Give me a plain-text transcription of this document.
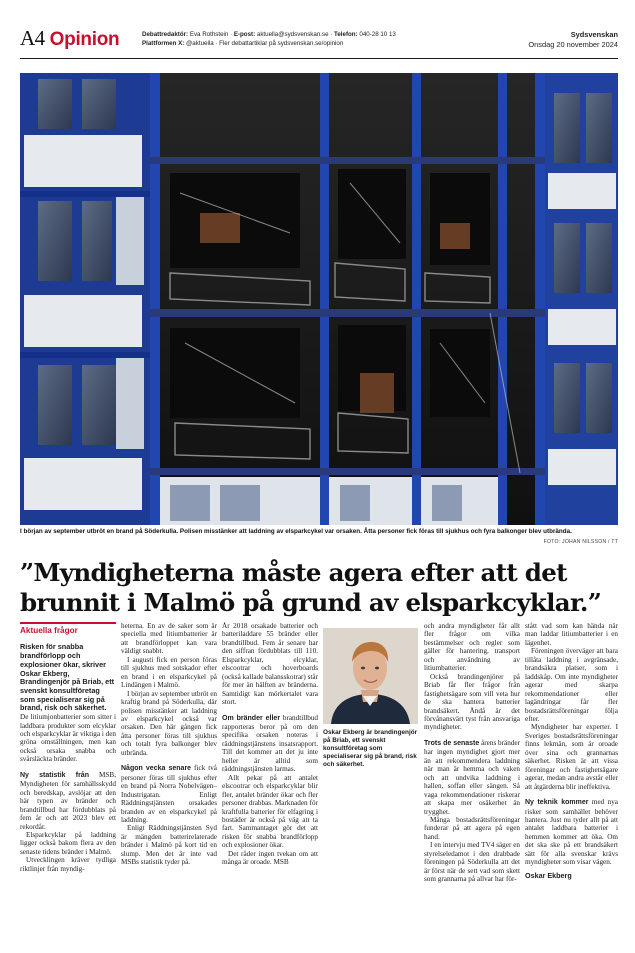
A4 Opinion	Debattredaktör: Eva Rothstein · E-post: aktuella@sydsvenskan.se · Telefon: 040-28 10 13
Plattformen X: @aktuella · Fler debattartiklar på sydsvenskan.se/opinion
Sydsvenskan
Onsdag 20 november 2024
I början av september utbröt en brand på Söderkulla. Polisen misstänker att laddning av elsparkcykel var orsaken. Åtta personer fick föras till sjukhus och fyra balkonger blev utbrända.
FOTO: JOHAN NILSSON / TT
”Myndigheterna måste agera efter att det brunnit i Malmö på grund av elsparkcyklar.”
Aktuella frågor

Risken för snabba brandförlopp och explosioner ökar, skriver Oskar Ekberg, Brandingenjör på Briab, ett svenskt konsultföretag som specialiserar sig på brand, risk och säkerhet.

De litiumjonbatterier som sitter i laddbara produkter som elcyklar och elsparkcyklar är viktiga i den gröna omställningen, men kan också orsaka snabba och svårsläckta bränder.

Ny statistik från MSB, Myndigheten för samhällsskydd och beredskap, avslöjar att den här typen av bränder och brandtillbud har fördubblats på fem år och att 2023 blev ett rekordår.

Elsparkcyklar på laddning ligger också bakom flera av den senaste tidens bränder i Malmö.

Utvecklingen kräver tydliga riktlinjer från myndig-

heterna. En av de saker som är speciella med litiumbatterier är att brandförloppet kan vara väldigt snabbt.

I augusti fick en person föras till sjukhus med sotskador efter en brand i en elsparkcykel på Lindängen i Malmö.

I början av september utbröt en kraftig brand på Söderkulla, där polisen misstänker att laddning av elsparkcykel också var orsaken. Den här gången fick åtta personer föras till sjukhus och totalt fyra balkonger blev utbrända.

Någon vecka senare fick två personer föras till sjukhus efter en brand på Norra Nobelvägen–Industrigatan. Enligt Räddningstjänsten orsakades branden av en elsparkcykel på laddning.

Enligt Räddningstjänsten Syd är mängden batterirelaterade bränder i Malmö på kort tid en slump. Men det är inte vad MSBs statistik tyder på.

År 2018 orsakade batterier och batteriladdare 55 bränder eller brandtillbud. Fem år senare har den siffran fördubblats till 110. Elsparkcyklar, elcyklar, elscootrar och hoverboards (också kallade balansskotrar) står för mer än hälften av bränderna. Samtidigt kan mörkertalet vara stort.

Om bränder eller brandtillbud rapporteras beror på om den specifika orsaken noteras i räddningstjänstens insatsrapport. Till det kommer att det ju inte heller är alltid som räddningstjänsten larmas.

Allt pekar på att antalet elscootrar och elsparkcyklar blir fler, antalet bränder ökar och fler personer drabbas. Marknaden för kraftfulla batterier för elfagring i bostäder är också på väg att ta fart. Sammantaget gör det att risken för snabba brandförlopp och explosioner ökar.

Det råder ingen tvekan om att många är oroade. MSB

Oskar Ekberg är brandingenjör på Briab, ett svenskt konsultföretag som specialiserar sig på brand, risk och säkerhet.

och andra myndigheter får allt fler frågor om vilka bestämmelser och regler som gäller för hantering, transport och användning av litiumbatterier.

Också brandingenjörer på Briab får fler frågor från fastighetsägare som vill veta hur de ska hantera batterier brandsäkert. Ändå är det förvånansvärt tyst från ansvariga myndigheter.

Trots de senaste årens bränder har ingen myndighet gjort mer än att rekommendera laddning när man är hemma och vaken och att undvika laddning i hallen, soffan eller sängen. Så vaga rekommendationer riskerar att skapa mer osäkerhet än trygghet.

Många bostadsrättsföreningar funderar på att agera på egen hand.

I en intervju med TV4 säger en styrelseledamot i den drabbade föreningen på Söderkulla att det är först när de sett vad som skett som grannarna på allvar har för-

stått vad som kan hända när man laddar litiumbatterier i en lägenhet.

Föreningen överväger att bara tillåta laddning i avgränsade, brandsäkra platser, som i laddskåp. Om inte myndigheter agerar med skarpa rekommendationer eller lagändringar får fler bostadsrättsföreningar följa efter.

Myndigheter har experter. I Sveriges bostadsrättsföreningar finns lekmän, som är oroade över sina och grannarnas säkerhet. Risken är att vissa föreningar och fastighetsägare agerar, medan andra avstår eller att åtgärderna blir ineffektiva.

Ny teknik kommer med nya risker som samhället behöver hantera. Just nu tyder allt på att antalet laddbara batterier i hemmen kommer att öka. Om det ska ske på ett brandsäkert sätt för alla svenskar krävs myndigheter som visar vägen.

Oskar Ekberg
